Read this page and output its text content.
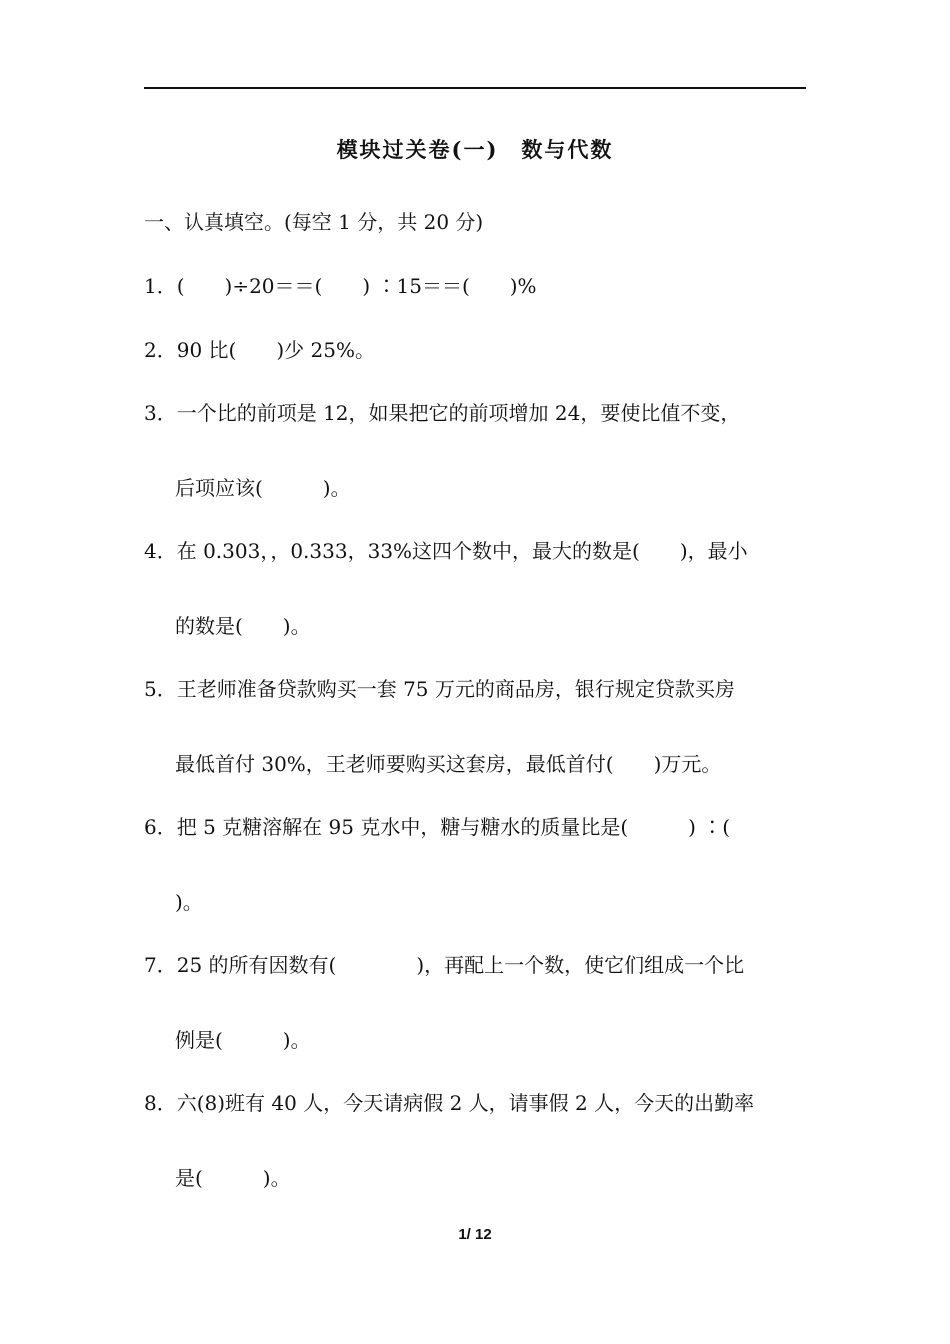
模块过关卷(一)　数与代数
一、认真填空。(每空 1 分，共 20 分)
1．(　　)÷20＝＝(　　) ∶15＝＝(　　)%
2．90 比(　　)少 25%。
3．一个比的前项是 12，如果把它的前项增加 24，要使比值不变，
后项应该(　　　)。
4．在 0.303，，0.333，33%这四个数中，最大的数是(　　)，最小
的数是(　　)。
5．王老师准备贷款购买一套 75 万元的商品房，银行规定贷款买房
最低首付 30%，王老师要购买这套房，最低首付(　　)万元。
6．把 5 克糖溶解在 95 克水中，糖与糖水的质量比是(　　　) ∶(
)。
7．25 的所有因数有(　　　　)，再配上一个数，使它们组成一个比
例是(　　　)。
8．六(8)班有 40 人，今天请病假 2 人，请事假 2 人，今天的出勤率
是(　　　)。
1/ 12
